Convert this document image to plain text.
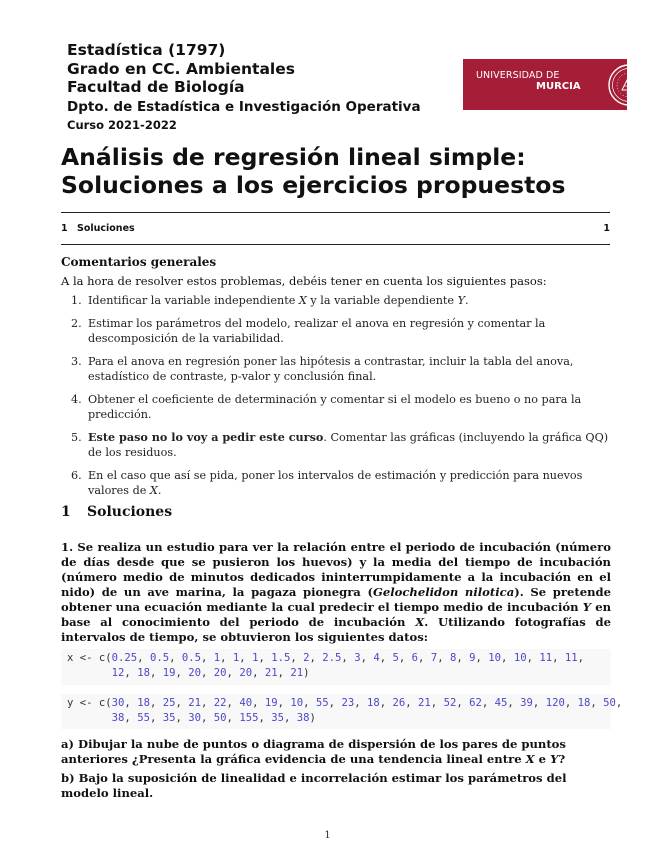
Estadística (1797)
Grado en CC. Ambientales
Facultad de Biología
Dpto. de Estadística e Investigación Operativa
Curso 2021-2022
UNIVERSIDAD DE
MURCIA
Análisis de regresión lineal simple: Soluciones a los ejercicios propuestos
1 Soluciones	1
Comentarios generales
A la hora de resolver estos problemas, debéis tener en cuenta los siguientes pasos:
1. Identificar la variable independiente X y la variable dependiente Y.
2. Estimar los parámetros del modelo, realizar el anova en regresión y comentar la descomposición de la variabilidad.
3. Para el anova en regresión poner las hipótesis a contrastar, incluir la tabla del anova, estadístico de contraste, p-valor y conclusión final.
4. Obtener el coeficiente de determinación y comentar si el modelo es bueno o no para la predicción.
5. Este paso no lo voy a pedir este curso. Comentar las gráficas (incluyendo la gráfica QQ) de los residuos.
6. En el caso que así se pida, poner los intervalos de estimación y predicción para nuevos valores de X.
1 Soluciones
1. Se realiza un estudio para ver la relación entre el periodo de incubación (número de días desde que se pusieron los huevos) y la media del tiempo de incubación (número medio de minutos dedicados ininterrumpidamente a la incubación en el nido) de un ave marina, la pagaza pionegra (Gelochelidon nilotica). Se pretende obtener una ecuación mediante la cual predecir el tiempo medio de incubación Y en base al conocimiento del periodo de incubación X. Utilizando fotografías de intervalos de tiempo, se obtuvieron los siguientes datos:
x <- c(0.25, 0.5, 0.5, 1, 1, 1, 1.5, 2, 2.5, 3, 4, 5, 6, 7, 8, 9, 10, 10, 11, 11,
12, 18, 19, 20, 20, 20, 21, 21)
y <- c(30, 18, 25, 21, 22, 40, 19, 10, 55, 23, 18, 26, 21, 52, 62, 45, 39, 120, 18, 50,
38, 55, 35, 30, 50, 155, 35, 38)
a) Dibujar la nube de puntos o diagrama de dispersión de los pares de puntos anteriores ¿Presenta la gráfica evidencia de una tendencia lineal entre X e Y?
b) Bajo la suposición de linealidad e incorrelación estimar los parámetros del modelo lineal.
1
